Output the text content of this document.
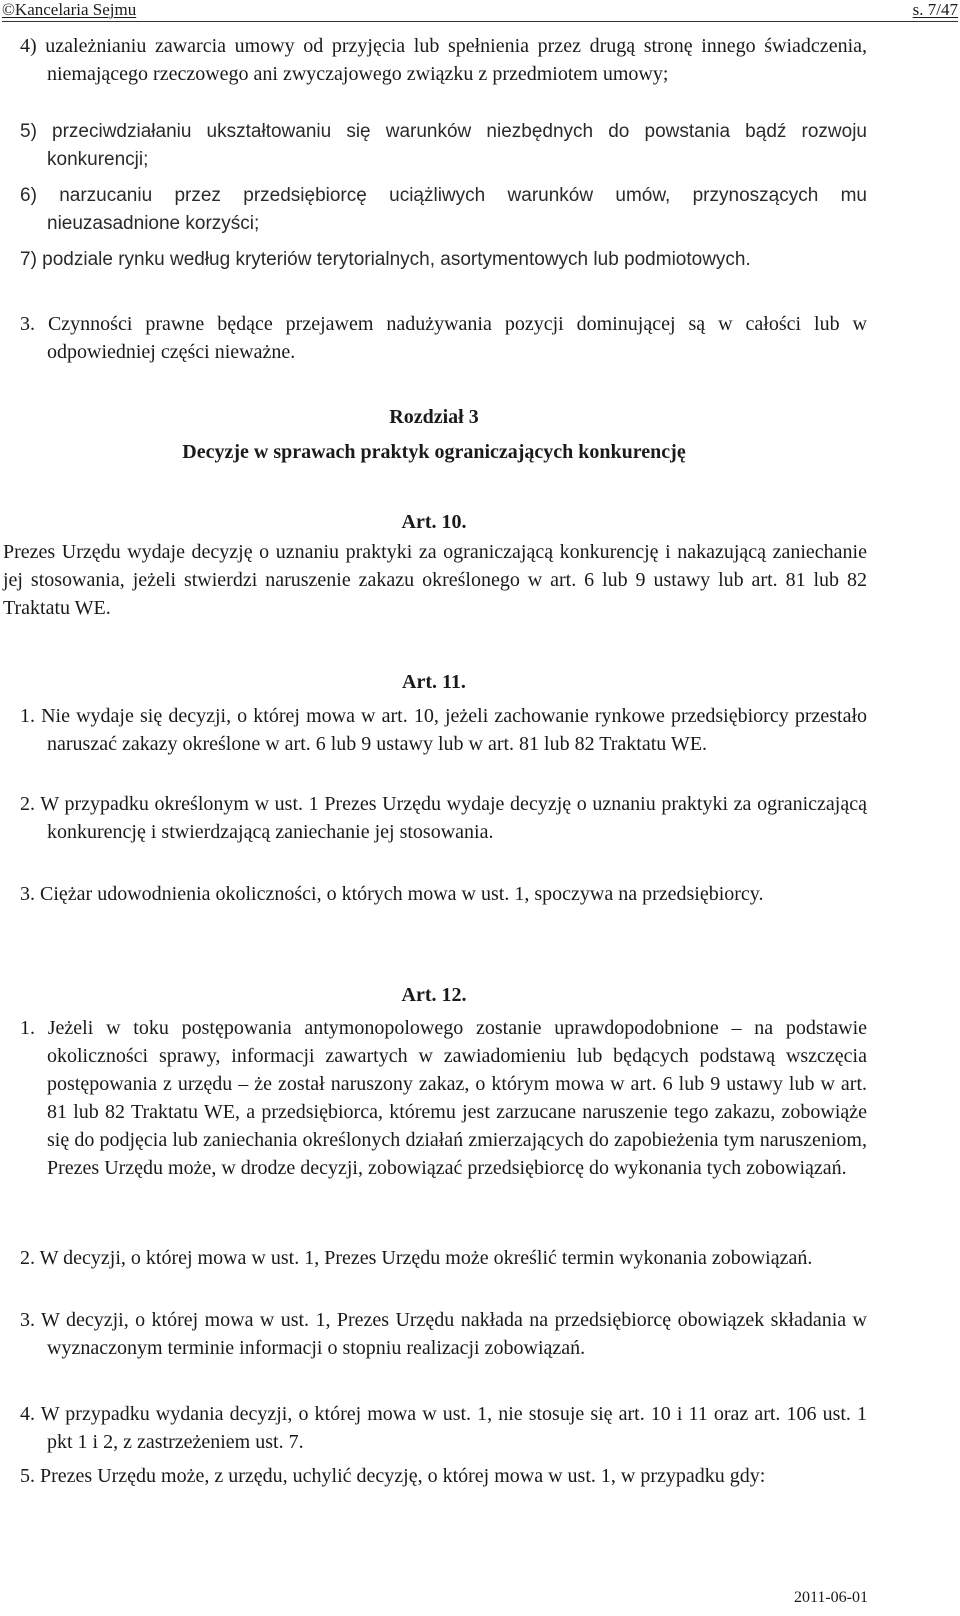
©Kancelaria Sejmu	s. 7/47
4) uzależnianiu zawarcia umowy od przyjęcia lub spełnienia przez drugą stronę innego świadczenia, niemającego rzeczowego ani zwyczajowego związku z przedmiotem umowy;
5) przeciwdziałaniu ukształtowaniu się warunków niezbędnych do powstania bądź rozwoju konkurencji;
6) narzucaniu przez przedsiębiorcę uciążliwych warunków umów, przynoszących mu nieuzasadnione korzyści;
7) podziale rynku według kryteriów terytorialnych, asortymentowych lub podmiotowych.
3. Czynności prawne będące przejawem nadużywania pozycji dominującej są w całości lub w odpowiedniej części nieważne.
Rozdział 3
Decyzje w sprawach praktyk ograniczających konkurencję
Art. 10.
Prezes Urzędu wydaje decyzję o uznaniu praktyki za ograniczającą konkurencję i nakazującą zaniechanie jej stosowania, jeżeli stwierdzi naruszenie zakazu określonego w art. 6 lub 9 ustawy lub art. 81 lub 82 Traktatu WE.
Art. 11.
1. Nie wydaje się decyzji, o której mowa w art. 10, jeżeli zachowanie rynkowe przedsiębiorcy przestało naruszać zakazy określone w art. 6 lub 9 ustawy lub w art. 81 lub 82 Traktatu WE.
2. W przypadku określonym w ust. 1 Prezes Urzędu wydaje decyzję o uznaniu praktyki za ograniczającą konkurencję i stwierdzającą zaniechanie jej stosowania.
3. Ciężar udowodnienia okoliczności, o których mowa w ust. 1, spoczywa na przedsiębiorcy.
Art. 12.
1. Jeżeli w toku postępowania antymonopolowego zostanie uprawdopodobnione – na podstawie okoliczności sprawy, informacji zawartych w zawiadomieniu lub będących podstawą wszczęcia postępowania z urzędu – że został naruszony zakaz, o którym mowa w art. 6 lub 9 ustawy lub w art. 81 lub 82 Traktatu WE, a przedsiębiorca, któremu jest zarzucane naruszenie tego zakazu, zobowiąże się do podjęcia lub zaniechania określonych działań zmierzających do zapobieżenia tym naruszeniom, Prezes Urzędu może, w drodze decyzji, zobowiązać przedsiębiorcę do wykonania tych zobowiązań.
2. W decyzji, o której mowa w ust. 1, Prezes Urzędu może określić termin wykonania zobowiązań.
3. W decyzji, o której mowa w ust. 1, Prezes Urzędu nakłada na przedsiębiorcę obowiązek składania w wyznaczonym terminie informacji o stopniu realizacji zobowiązań.
4. W przypadku wydania decyzji, o której mowa w ust. 1, nie stosuje się art. 10 i 11 oraz art. 106 ust. 1 pkt 1 i 2, z zastrzeżeniem ust. 7.
5. Prezes Urzędu może, z urzędu, uchylić decyzję, o której mowa w ust. 1, w przypadku gdy:
2011-06-01
